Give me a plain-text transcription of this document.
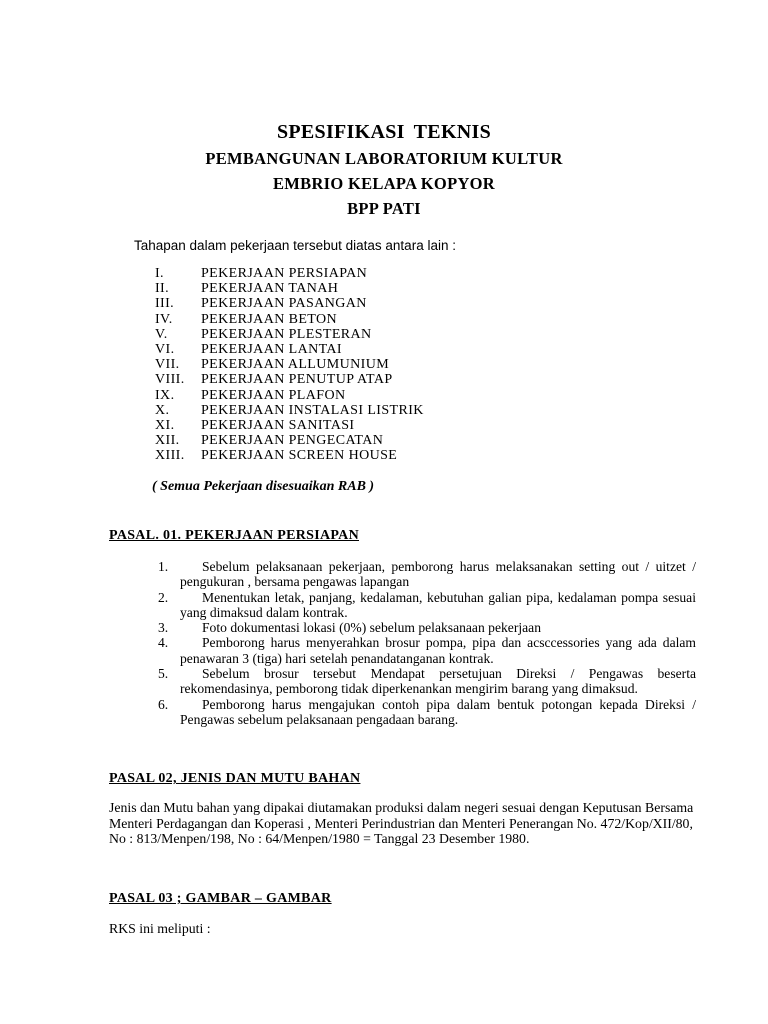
SPESIFIKASI TEKNIS
PEMBANGUNAN LABORATORIUM KULTUR
EMBRIO KELAPA KOPYOR
BPP PATI
Tahapan dalam pekerjaan tersebut diatas antara lain :
I.	PEKERJAAN PERSIAPAN
II.	PEKERJAAN TANAH
III.	PEKERJAAN PASANGAN
IV.	PEKERJAAN BETON
V.	PEKERJAAN PLESTERAN
VI.	PEKERJAAN LANTAI
VII.	PEKERJAAN ALLUMUNIUM
VIII.	PEKERJAAN PENUTUP ATAP
IX.	PEKERJAAN PLAFON
X.	PEKERJAAN INSTALASI LISTRIK
XI.	PEKERJAAN SANITASI
XII.	PEKERJAAN PENGECATAN
XIII.	PEKERJAAN SCREEN HOUSE
( Semua Pekerjaan disesuaikan RAB )
PASAL. 01. PEKERJAAN PERSIAPAN
1.	Sebelum pelaksanaan pekerjaan, pemborong harus melaksanakan setting out / uitzet / pengukuran , bersama pengawas lapangan
2.	Menentukan letak, panjang, kedalaman, kebutuhan galian pipa, kedalaman pompa sesuai yang dimaksud dalam kontrak.
3.	Foto dokumentasi lokasi (0%) sebelum pelaksanaan pekerjaan
4.	Pemborong harus menyerahkan brosur pompa, pipa dan acsccessories yang ada dalam penawaran 3 (tiga) hari setelah penandatanganan kontrak.
5.	Sebelum brosur tersebut Mendapat persetujuan Direksi / Pengawas beserta rekomendasinya, pemborong tidak diperkenankan mengirim barang yang dimaksud.
6.	Pemborong harus mengajukan contoh pipa dalam bentuk potongan kepada Direksi / Pengawas sebelum pelaksanaan pengadaan barang.
PASAL 02, JENIS DAN MUTU BAHAN
Jenis dan Mutu bahan yang dipakai diutamakan produksi dalam negeri sesuai dengan Keputusan Bersama Menteri Perdagangan dan Koperasi , Menteri Perindustrian dan Menteri Penerangan No. 472/Kop/XII/80, No : 813/Menpen/198, No : 64/Menpen/1980 = Tanggal 23 Desember 1980.
PASAL 03 ; GAMBAR – GAMBAR
RKS ini meliputi :
